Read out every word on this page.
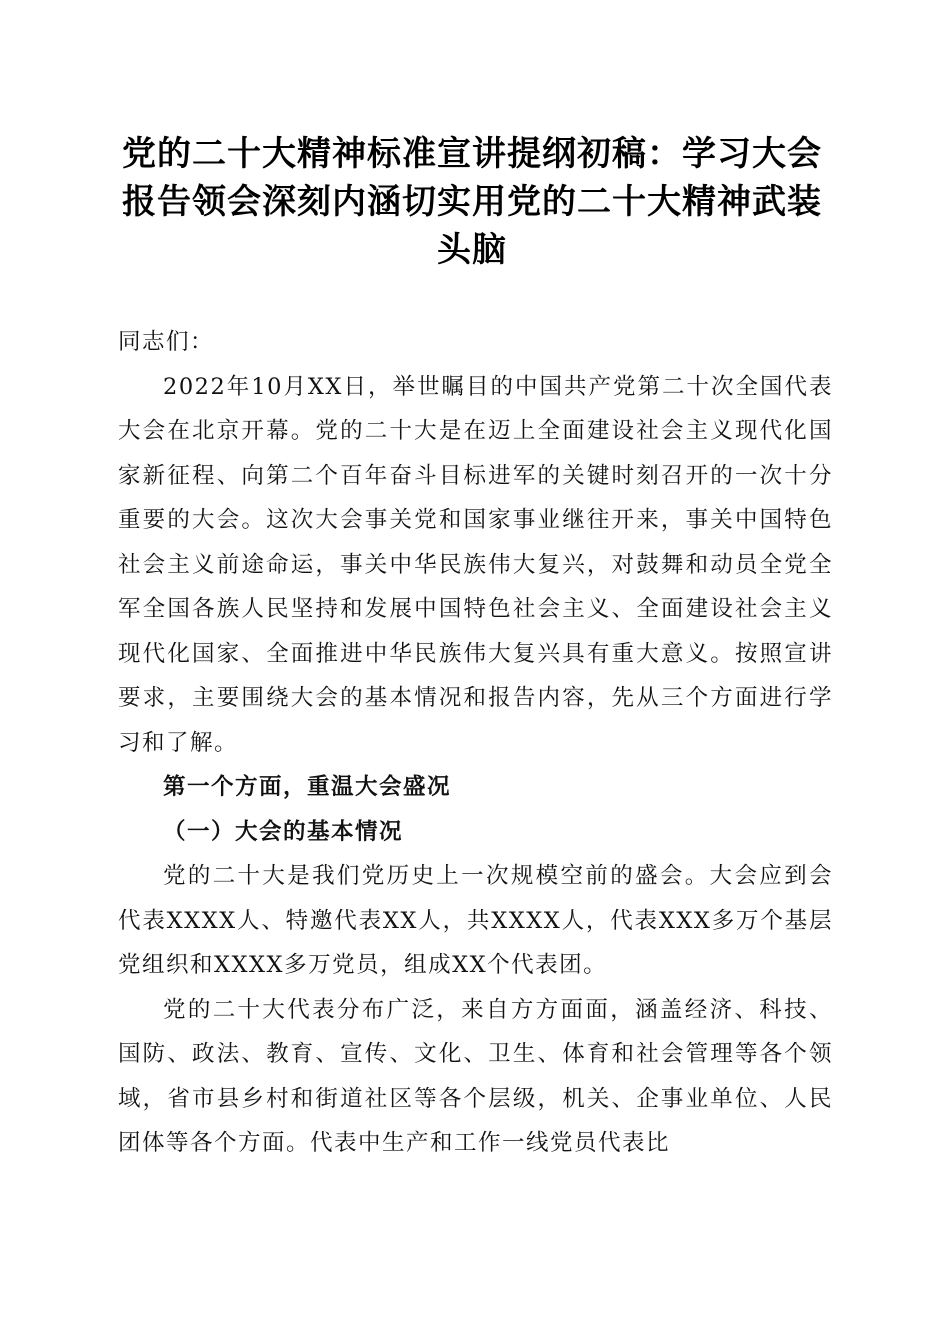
党的二十大精神标准宣讲提纲初稿：学习大会报告领会深刻内涵切实用党的二十大精神武装头脑

同志们：

2022年10月XX日，举世瞩目的中国共产党第二十次全国代表大会在北京开幕。党的二十大是在迈上全面建设社会主义现代化国家新征程、向第二个百年奋斗目标进军的关键时刻召开的一次十分重要的大会。这次大会事关党和国家事业继往开来，事关中国特色社会主义前途命运，事关中华民族伟大复兴，对鼓舞和动员全党全军全国各族人民坚持和发展中国特色社会主义、全面建设社会主义现代化国家、全面推进中华民族伟大复兴具有重大意义。按照宣讲要求，主要围绕大会的基本情况和报告内容，先从三个方面进行学习和了解。

第一个方面，重温大会盛况

（一）大会的基本情况

党的二十大是我们党历史上一次规模空前的盛会。大会应到会代表XXXX人、特邀代表XX人，共XXXX人，代表XXX多万个基层党组织和XXXX多万党员，组成XX个代表团。

党的二十大代表分布广泛，来自方方面面，涵盖经济、科技、国防、政法、教育、宣传、文化、卫生、体育和社会管理等各个领域，省市县乡村和街道社区等各个层级，机关、企事业单位、人民团体等各个方面。代表中生产和工作一线党员代表比
